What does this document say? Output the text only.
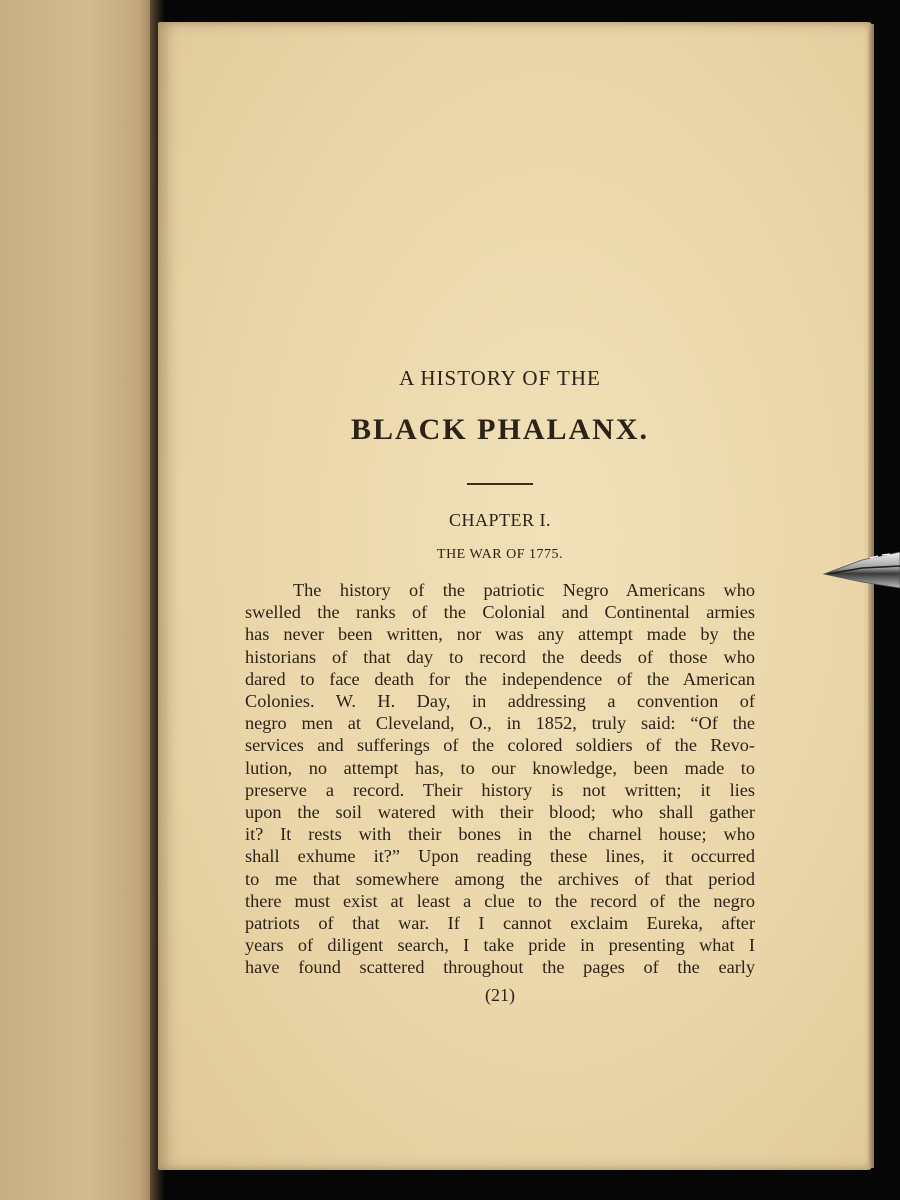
A HISTORY OF THE
BLACK PHALANX.
CHAPTER I.
THE WAR OF 1775.
The history of the patriotic Negro Americans who
swelled the ranks of the Colonial and Continental armies
has never been written, nor was any attempt made by the
historians of that day to record the deeds of those who
dared to face death for the independence of the American
Colonies. W. H. Day, in addressing a convention of
negro men at Cleveland, O., in 1852, truly said: “Of the
services and sufferings of the colored soldiers of the Revo-
lution, no attempt has, to our knowledge, been made to
preserve a record. Their history is not written; it lies
upon the soil watered with their blood; who shall gather
it? It rests with their bones in the charnel house; who
shall exhume it?” Upon reading these lines, it occurred
to me that somewhere among the archives of that period
there must exist at least a clue to the record of the negro
patriots of that war. If I cannot exclaim Eureka, after
years of diligent search, I take pride in presenting what I
have found scattered throughout the pages of the early
(21)
